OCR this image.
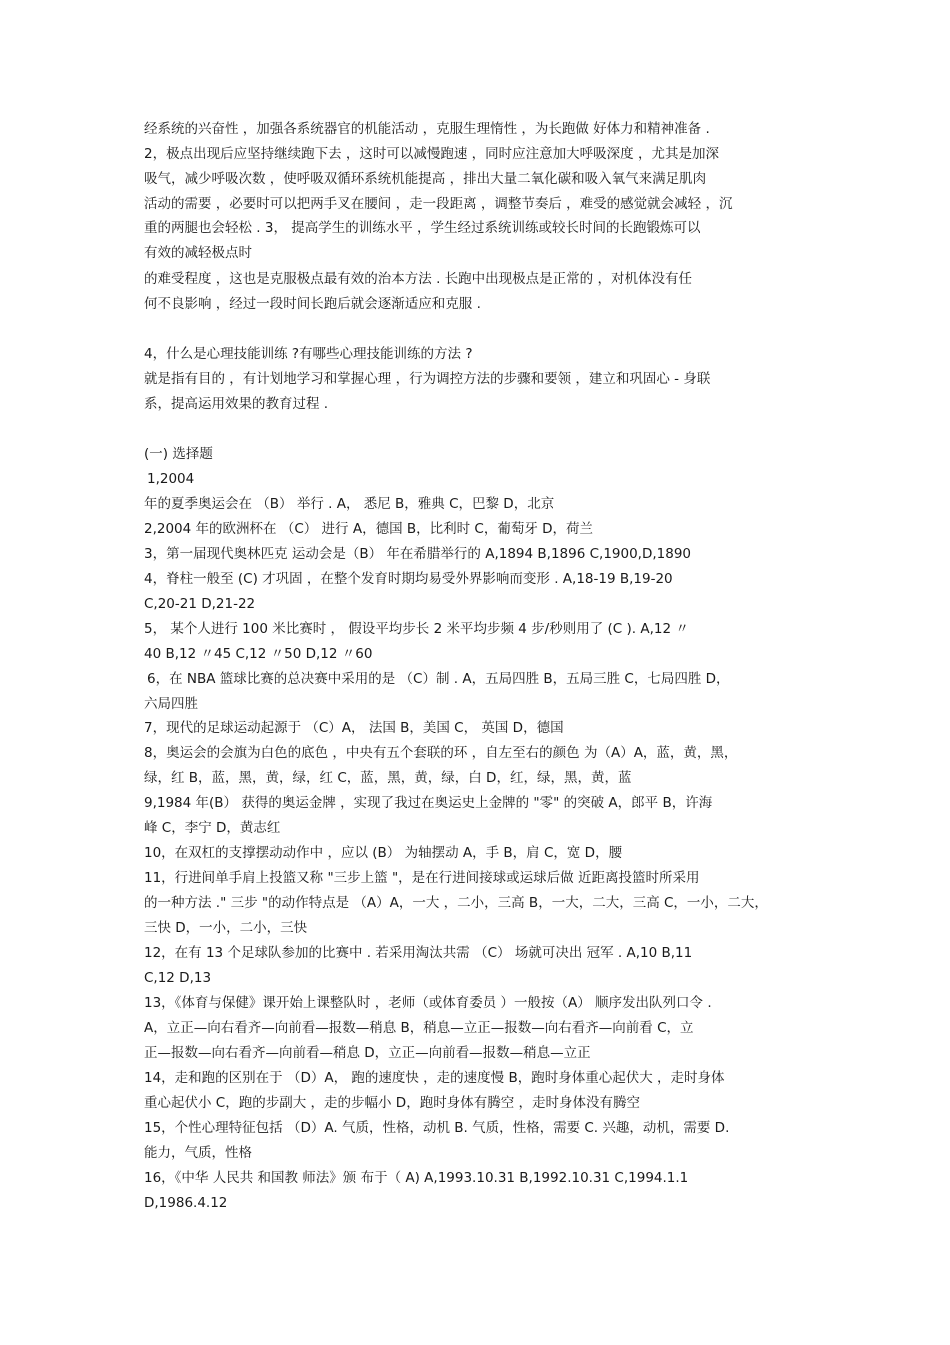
经系统的兴奋性 ，加强各系统器官的机能活动 ，克服生理惰性 ，为长跑做 好体力和精神准备 .
2，极点出现后应坚持继续跑下去 ，这时可以减慢跑速 ，同时应注意加大呼吸深度 ，尤其是加深
吸气，减少呼吸次数 ，使呼吸双循环系统机能提高 ，排出大量二氧化碳和吸入氧气来满足肌肉
活动的需要 ，必要时可以把两手叉在腰间 ，走一段距离 ，调整节奏后 ，难受的感觉就会减轻 ，沉
重的两腿也会轻松 . 3， 提高学生的训练水平 ，学生经过系统训练或较长时间的长跑锻炼可以
有效的减轻极点时
的难受程度 ，这也是克服极点最有效的治本方法 . 长跑中出现极点是正常的 ，对机体没有任
何不良影响 ，经过一段时间长跑后就会逐渐适应和克服 .
4，什么是心理技能训练 ?有哪些心理技能训练的方法 ?
就是指有目的 ，有计划地学习和掌握心理 ，行为调控方法的步骤和要领 ，建立和巩固心 - 身联
系，提高运用效果的教育过程 .
(一) 选择题
1,2004
年的夏季奥运会在 （B） 举行 . A， 悉尼 B，雅典 C，巴黎 D，北京
2,2004 年的欧洲杯在 （C） 进行 A，德国 B，比利时 C，葡萄牙 D，荷兰
3，第一届现代奥林匹克 运动会是（B） 年在希腊举行的 A,1894 B,1896 C,1900,D,1890
4，脊柱一般至 (C) 才巩固 ，在整个发育时期均易受外界影响而变形 . A,18-19 B,19-20
C,20-21 D,21-22
5， 某个人进行 100 米比赛时 ， 假设平均步长 2 米平均步频 4 步/秒则用了 (C ). A,12 〃
40 B,12 〃45 C,12 〃50 D,12 〃60
6，在 NBA 篮球比赛的总决赛中采用的是 （C）制 . A，五局四胜 B，五局三胜 C，七局四胜 D，
六局四胜
7，现代的足球运动起源于 （C）A， 法国 B，美国 C， 英国 D，德国
8，奥运会的会旗为白色的底色 ，中央有五个套联的环 ，自左至右的颜色 为（A）A，蓝，黄，黑，
绿，红 B，蓝，黑，黄，绿，红 C，蓝，黑，黄，绿，白 D，红，绿，黑，黄，蓝
9,1984 年(B） 获得的奥运金牌 ，实现了我过在奥运史上金牌的 "零" 的突破 A，郎平 B，许海
峰 C，李宁 D，黄志红
10，在双杠的支撑摆动动作中 ，应以 (B） 为轴摆动 A，手 B，肩 C，宽 D，腰
11，行进间单手肩上投篮又称 "三步上篮 "，是在行进间接球或运球后做 近距离投篮时所采用
的一种方法 ." 三步 "的动作特点是 （A）A，一大 ，二小，三高 B，一大，二大，三高 C，一小，二大，
三快 D，一小，二小，三快
12，在有 13 个足球队参加的比赛中 . 若采用淘汰共需 （C） 场就可决出 冠军 . A,10 B,11
C,12 D,13
13，《体育与保健》课开始上课整队时 ，老师（或体育委员 ）一般按（A） 顺序发出队列口令 .
A，立正—向右看齐—向前看—报数—稍息 B，稍息—立正—报数—向右看齐—向前看 C，立
正—报数—向右看齐—向前看—稍息 D，立正—向前看—报数—稍息—立正
14，走和跑的区别在于 （D）A， 跑的速度快 ，走的速度慢 B，跑时身体重心起伏大 ，走时身体
重心起伏小 C，跑的步副大 ，走的步幅小 D，跑时身体有腾空 ，走时身体没有腾空
15，个性心理特征包括 （D）A. 气质，性格，动机 B. 气质，性格，需要 C. 兴趣，动机，需要 D.
能力，气质，性格
16，《中华 人民共 和国教 师法》颁 布于（ A) A,1993.10.31 B,1992.10.31 C,1994.1.1
D,1986.4.12
